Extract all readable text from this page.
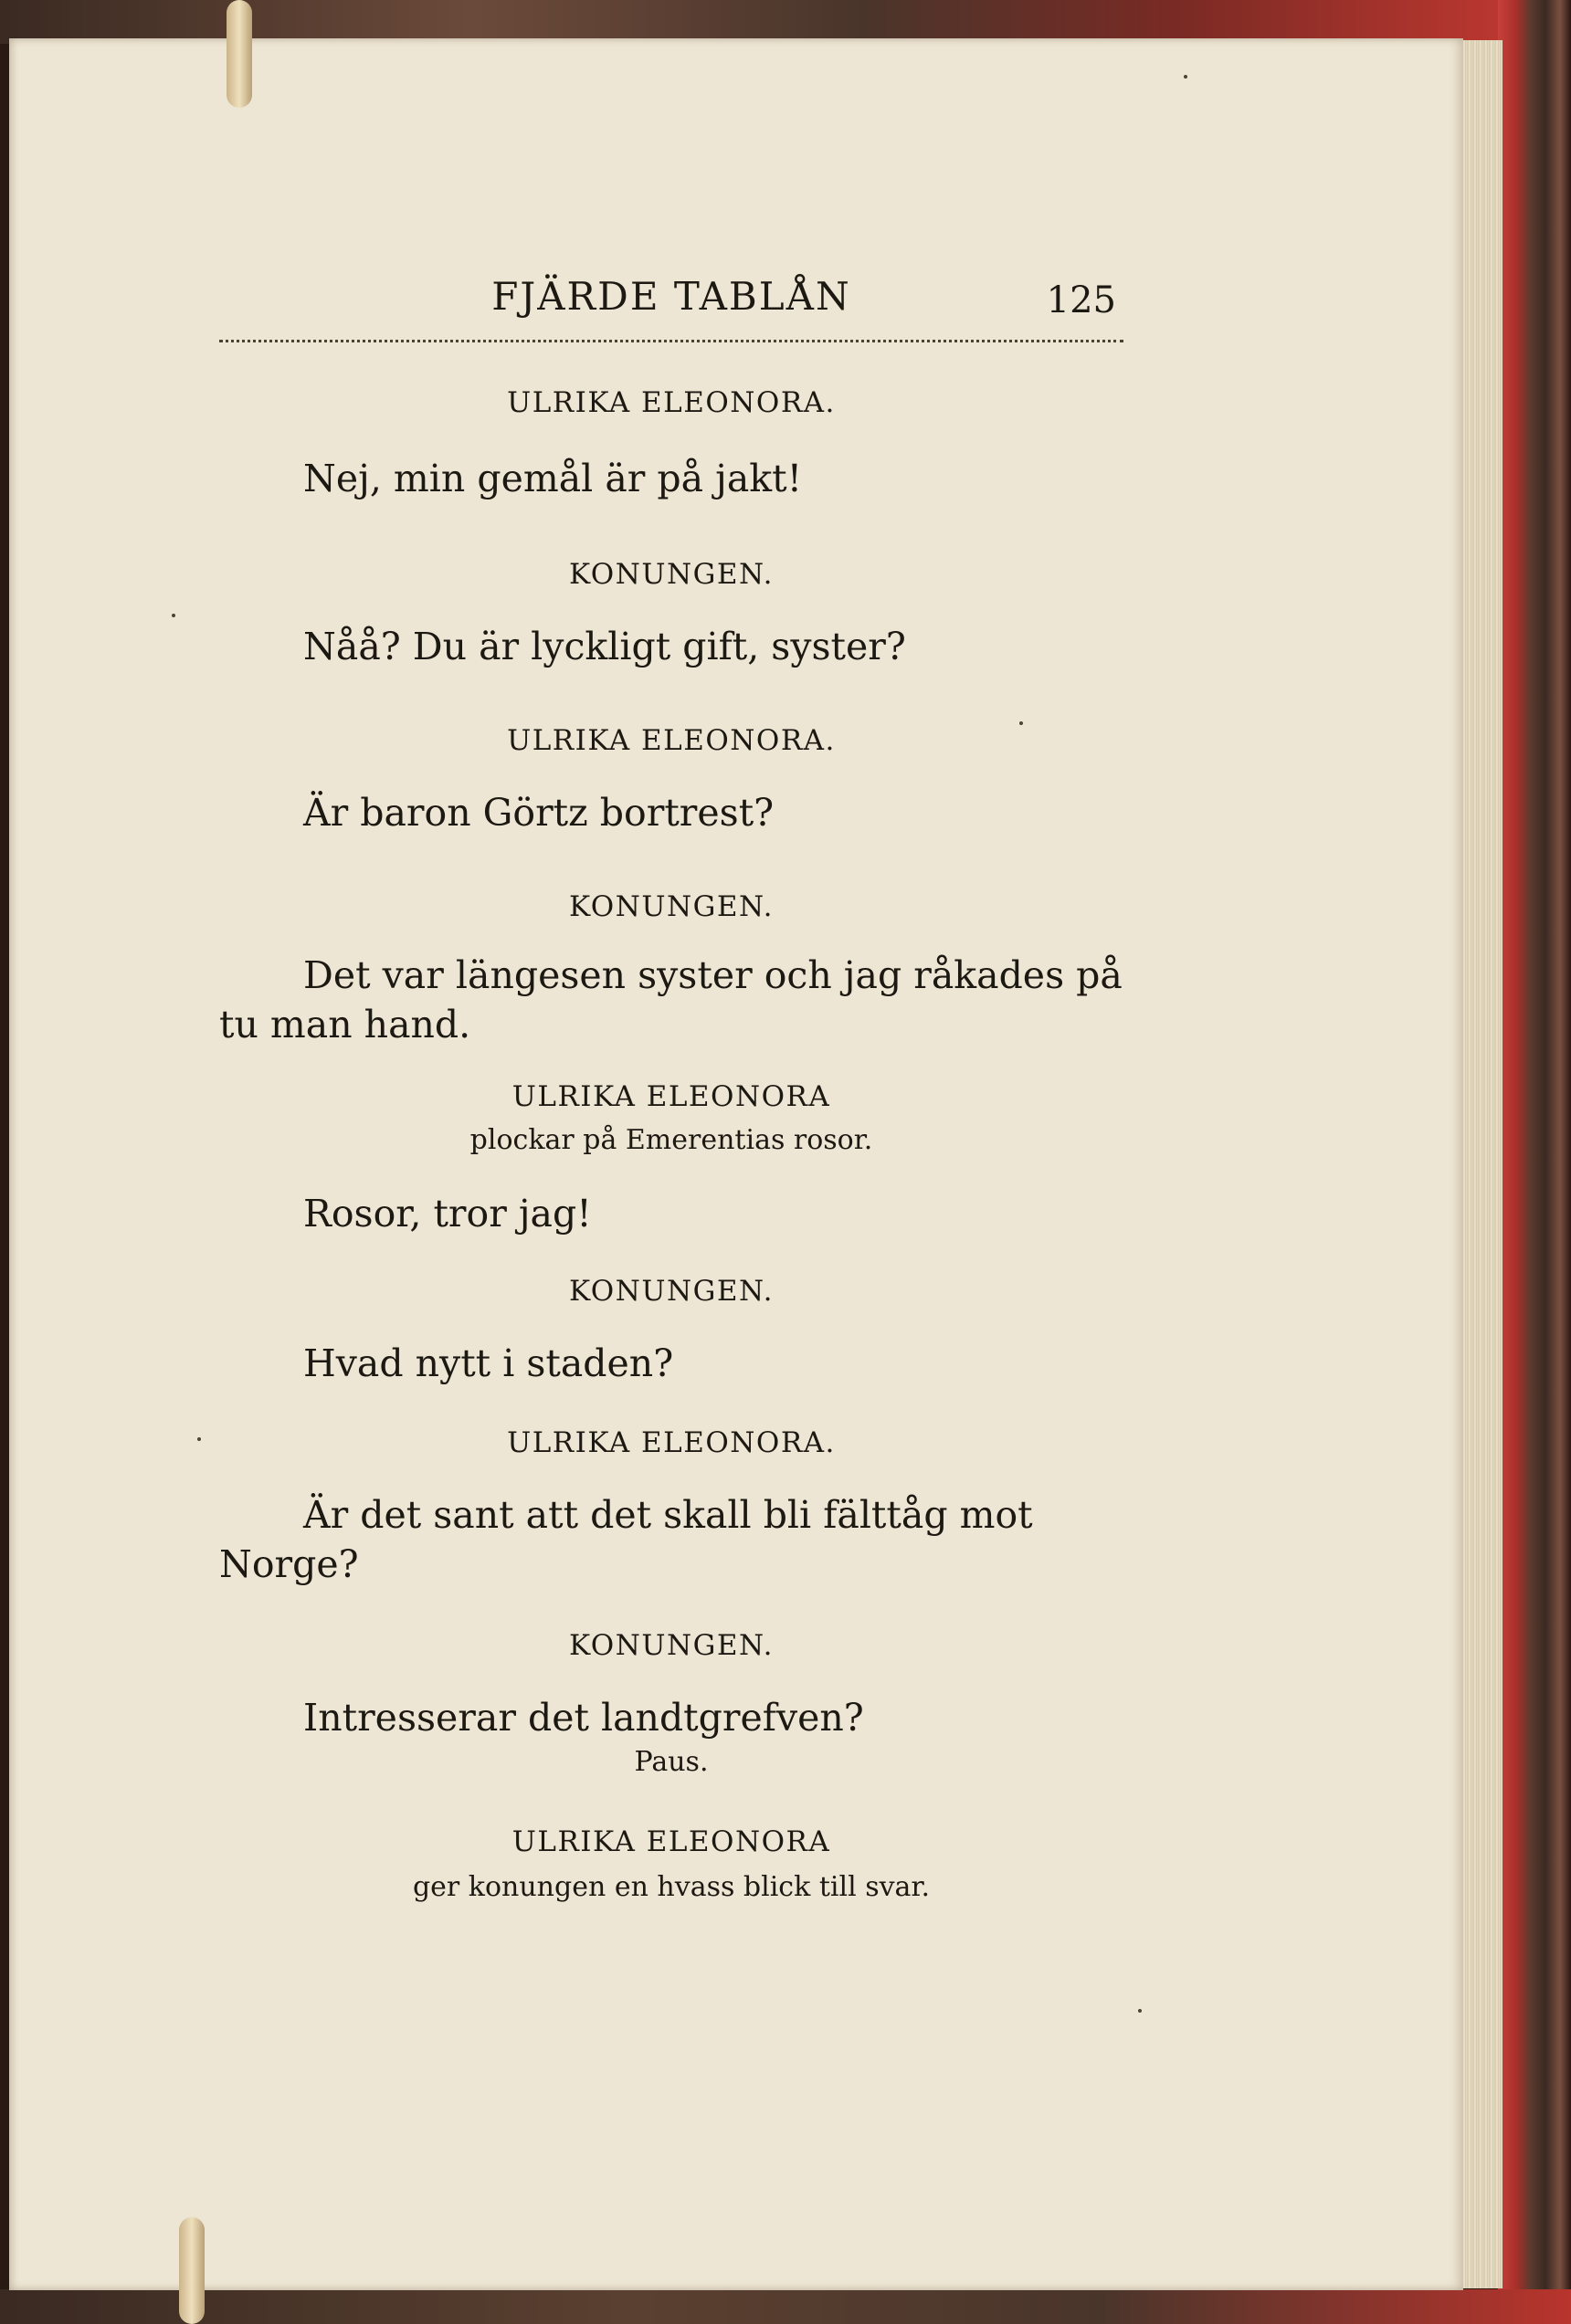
FJÄRDE TABLÅN	125

ULRIKA ELEONORA.

Nej, min gemål är på jakt!

KONUNGEN.

Nåå? Du är lyckligt gift, syster?

ULRIKA ELEONORA.

Är baron Görtz bortrest?

KONUNGEN.

Det var längesen syster och jag råkades på tu man hand.

ULRIKA ELEONORA

plockar på Emerentias rosor.

Rosor, tror jag!

KONUNGEN.

Hvad nytt i staden?

ULRIKA ELEONORA.

Är det sant att det skall bli fälttåg mot Norge?

KONUNGEN.

Intresserar det landtgrefven?

Paus.

ULRIKA ELEONORA

ger konungen en hvass blick till svar.
